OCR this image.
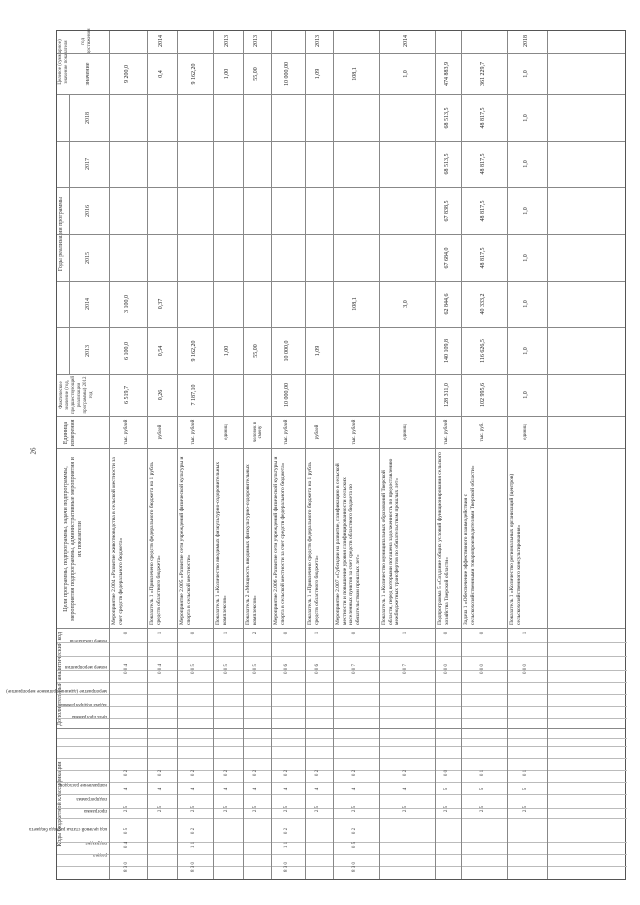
26
Коды бюджетной классификации
Дополнительный аналитический код
Цели программы, подпрограммы, задачи подпрограммы, мероприятия подпрограммы, административные мероприятия и их показатели
Единица измерения
Фактическое значение (год, предшествующий реализации программы) 2012 год
Годы реализации программы
Целевое (суммарное) значение показателя	значение
год достижения
2013
2014
2015
2016
2017
2018
раздел
подраздел
код целевой статьи расхода бюджета
программа
подпрограмма
направление расходов
цель программы
задача подпрограммы
мероприятие (административное мероприятие)
номер мероприятия
номер показателя
8 3 0
0 4
0 5
2 5
4
0 2
0 0 4
0
Мероприятие 2.004 «Развитие животноводства в сельской местности за счет средств федерального бюджета»
тыс. рублей
6 519,7
6 100,0
3 100,0
9 200,0
2 5
4
0 2
0 0 4
1
Показатель 1 «Привлечено средств федерального бюджета на 1 рубль средств областного бюджета»
рублей
0,26
0,54
0,37
0,4
2014
8 3 0
1 1
0 2
2 5
4
0 2
0 0 5
0
Мероприятие 2.005 «Развитие сети учреждений физической культуры и спорта в сельской местности»
тыс. рублей
7 187,10
9 162,20
9 162,20
2 5
4
0 2
0 0 5
1
Показатель 1 «Количество вводимых физкультурно-оздоровительных комплексов»
единиц
1,00
1,00
2013
2 5
4
0 2
0 0 5
2
Показатель 2 «Мощность вводимых физкультурно-оздоровительных комплексов»
человек в смену
55,00
55,00
2013
8 3 0
1 1
0 2
2 5
4
0 2
0 0 6
0
Мероприятие 2.006 «Развитие сети учреждений физической культуры и спорта в сельской местности за счет средств федерального бюджета»
тыс. рублей
10 000,00
10 000,0
10 000,00
2 5
4
0 2
0 0 6
1
Показатель 1 «Привлечено средств федерального бюджета на 1 рубль средств областного бюджета»
рублей
1,09
1,09
2013
8 3 0
0 5
0 2
2 5
4
0 2
0 0 7
0
Мероприятие 2.007 «Субсидии на развитие, газификацию в сельской местности и повышение уровня газифицированности сельских населенных пунктов за счет средств областного бюджета по обязательствам прошлых лет»
тыс. рублей
108,1
108,1
2 5
4
0 2
0 0 7
1
Показатель 1 «Количество муниципальных образований Тверской области, перед которыми погашена задолженность по предоставлению межбюджетных трансфертов по обязательствам прошлых лет»
единиц
3,0
1,0
2014
2 5
5
0 0
0 0 0
0
Подпрограмма 5 «Создание общих условий функционирования сельского хозяйства Тверской области»
тыс. рублей
128 311,0
140 109,8
62 844,6
67 684,0
67 838,5
68 513,5
68 513,5
474 883,9
2 5
5
0 1
0 0 0
0
Задача 1 «Обеспечение эффективного взаимодействия с сельскохозяйственными товаропроизводителями Тверской области»
тыс. руб.
102 995,6
116 626,5
40 333,2
48 817,5
48 817,5
48 817,5
48 817,5
361 229,7
2 5
5
0 1
0 0 0
1
Показатель 1 «Количество региональных организаций (центров) сельскохозяйственного консультирования»
единиц
1,0
1,0
1,0
1,0
1,0
1,0
1,0
1,0
2018
